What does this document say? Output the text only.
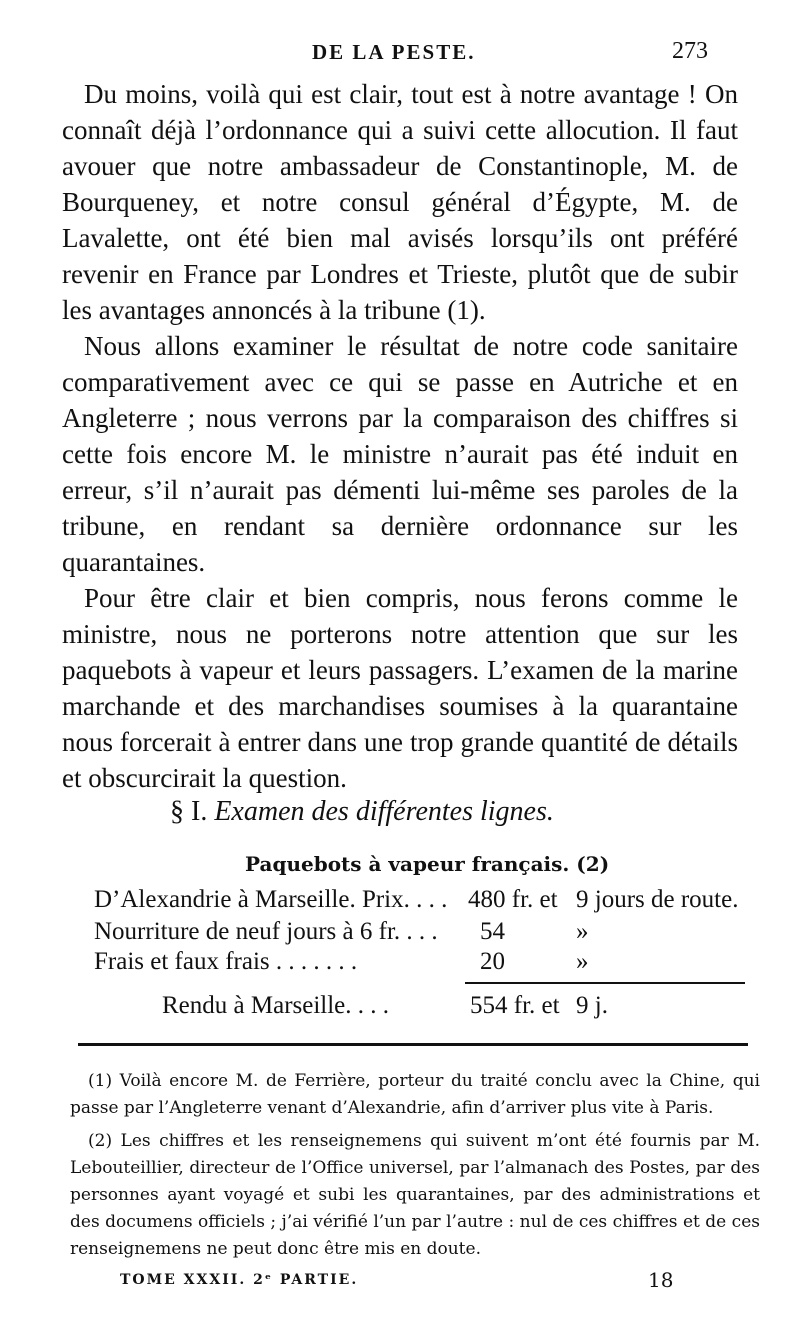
DE LA PESTE.	273

Du moins, voilà qui est clair, tout est à notre avantage ! On connaît déjà l’ordonnance qui a suivi cette allocution. Il faut avouer que notre ambassadeur de Constantinople, M. de Bourqueney, et notre consul général d’Égypte, M. de Lavalette, ont été bien mal avisés lorsqu’ils ont préféré revenir en France par Londres et Trieste, plutôt que de subir les avantages annoncés à la tribune (1).

Nous allons examiner le résultat de notre code sanitaire comparativement avec ce qui se passe en Autriche et en Angleterre ; nous verrons par la comparaison des chiffres si cette fois encore M. le ministre n’aurait pas été induit en erreur, s’il n’aurait pas démenti lui-même ses paroles de la tribune, en rendant sa dernière ordonnance sur les quarantaines.

Pour être clair et bien compris, nous ferons comme le ministre, nous ne porterons notre attention que sur les paquebots à vapeur et leurs passagers. L’examen de la marine marchande et des marchandises soumises à la quarantaine nous forcerait à entrer dans une trop grande quantité de détails et obscurcirait la question.

§ I. Examen des différentes lignes.
Paquebots à vapeur français. (2)
D’Alexandrie à Marseille. Prix. . . . 480 fr. et 9 jours de route.
Nourriture de neuf jours à 6 fr. . . . 54	»
Frais et faux frais . . . . . . .	20	»
Rendu à Marseille. . . .	554 fr. et 9 j.

(1) Voilà encore M. de Ferrière, porteur du traité conclu avec la Chine, qui passe par l’Angleterre venant d’Alexandrie, afin d’arriver plus vite à Paris.

(2) Les chiffres et les renseignemens qui suivent m’ont été fournis par M. Lebouteillier, directeur de l’Office universel, par l’almanach des Postes, par des personnes ayant voyagé et subi les quarantaines, par des administrations et des documens officiels ; j’ai vérifié l’un par l’autre : nul de ces chiffres et de ces renseignemens ne peut donc être mis en doute.

TOME XXXII. 2ᵉ PARTIE.	18
